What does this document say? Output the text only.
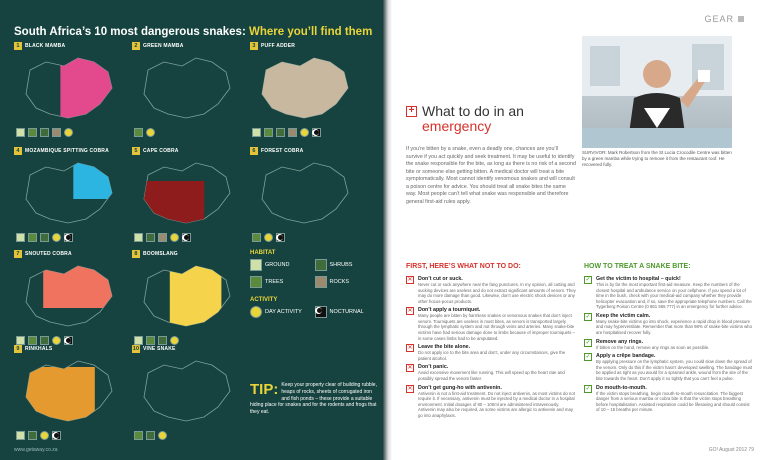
South Africa’s 10 most dangerous snakes: Where you’ll find them
1	BLACK MAMBA	2	GREEN MAMBA	3	PUFF ADDER
4	MOZAMBIQUE SPITTING COBRA	5	CAPE COBRA	6	FOREST COBRA
7	SNOUTED COBRA	8	BOOMSLANG
9	RINKHALS	10 VINE SNAKE
HABITAT
GROUND	SHRUBS
TREES	ROCKS
ACTIVITY
DAY ACTIVITY	NOCTURNAL
TIP: Keep your property clear of building rubble, heaps of rocks, sheets of corrugated iron and fish ponds – these provide a suitable hiding place for snakes and for the rodents and frogs that they eat.
www.getaway.co.za
GEAR
SURVIVOR: Mark Robertson from the St Lucia Crocodile Centre was bitten by a green mamba while trying to remove it from the restaurant roof. He recovered fully.
+ What to do in an
emergency
If you’re bitten by a snake, even a deadly one, chances are you’ll survive if you act quickly and seek treatment. It may be useful to identify the snake responsible for the bite, as long as there is no risk of a second bite or someone else getting bitten. A medical doctor will treat a bite symptomatically. Most cannot identify venomous snakes and will consult a poison centre for advice. You should treat all snake bites the same way. Most people can’t tell what snake was responsible and therefore general first-aid rules apply.
FIRST, HERE’S WHAT NOT TO DO:
✕ Don’t cut or suck.
Never cut or suck anywhere near the fang punctures. In my opinion, all cutting and sucking devices are useless and do not extract significant amounts of venom. They may do more damage than good. Likewise, don’t use electric shock devices or any other hocus-pocus products.
✕ Don’t apply a tourniquet.
Many people are bitten by harmless snakes or venomous snakes that don’t inject venom. Tourniquets are useless in most bites, as venom is transported largely through the lymphatic system and not through veins and arteries. Many snake-bite victims have had serious damage done to limbs because of improper tourniquets – in some cases limbs had to be amputated.
✕ Leave the bite alone.
Do not apply ice to the bite area and don’t, under any circumstances, give the patient alcohol.
✕ Don’t panic.
Avoid excessive movement like running. This will speed up the heart rate and possibly spread the venom faster.
✕ Don’t get gung-ho with antivenin.
Antivenin is not a first-aid treatment. Do not inject antivenin, as most victims do not require it. If necessary, antivenin must be injected by a medical doctor in a hospital environment. Initial dosages of 80 – 100ml are administered intravenously. Antivenin may also be required, as some victims are allergic to antivenin and may go into anaphylaxis.
HOW TO TREAT A SNAKE BITE:
✓ Get the victim to hospital – quick!
This is by far the most important first-aid measure. Keep the numbers of the closest hospital and ambulance service on your cellphone. If you spend a lot of time in the bush, check with your medical-aid company whether they provide helicopter evacuation and, if so, save the appropriate telephone numbers. Call the Tygerberg Poison Centre (0 861 555 777) in an emergency for further advice.
✓ Keep the victim calm.
Many snake-bite victims go into shock, experience a rapid drop in blood pressure and may hyperventilate. Remember that more than 98% of snake-bite victims who are hospitalised recover fully.
✓ Remove any rings.
If bitten on the hand, remove any rings as soon as possible.
✓ Apply a crêpe bandage.
By applying pressure on the lymphatic system, you could slow down the spread of the venom. Only do this if the victim hasn’t developed swelling. The bandage must be applied as tight as you would for a sprained ankle, wound from the site of the bite towards the heart. Don’t apply it so tightly that you can’t feel a pulse.
✓ Do mouth-to-mouth.
If the victim stops breathing, begin mouth-to-mouth resuscitation. The biggest danger from a serious mamba or cobra bite is that the victim stops breathing before hospitalisation. Assisted respiration could be lifesaving and should consist of 10 – 15 breaths per minute.
GO! August 2012 79
